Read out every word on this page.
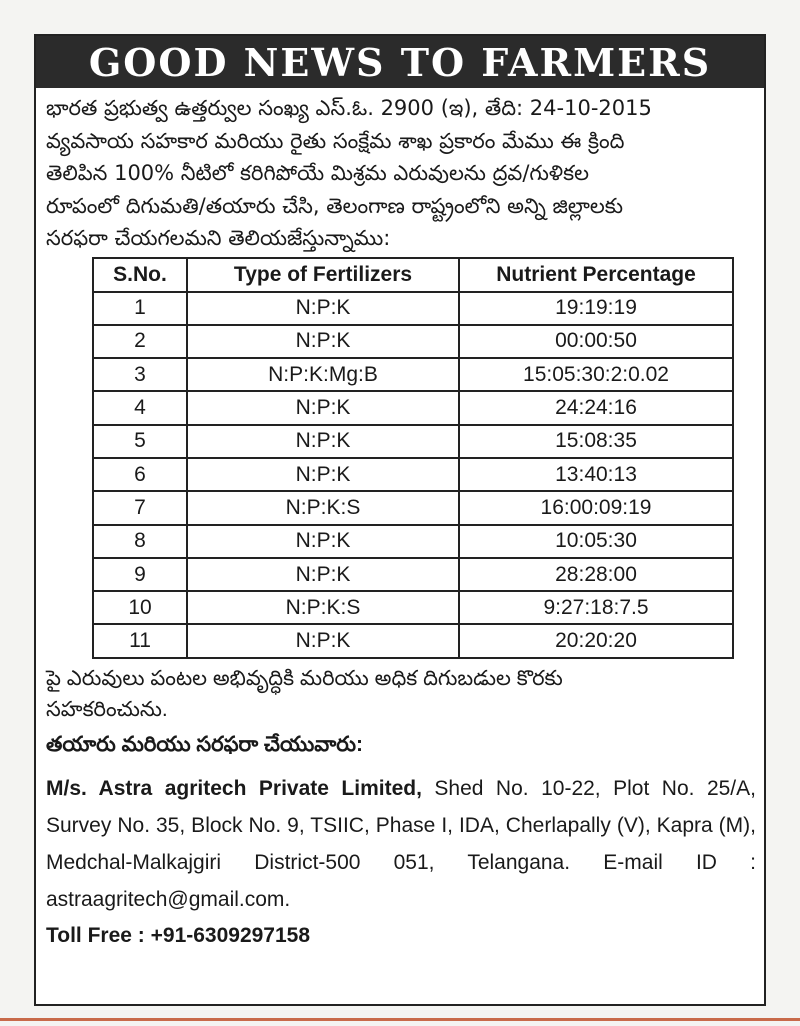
GOOD NEWS TO FARMERS
భారత ప్రభుత్వ ఉత్తర్వుల సంఖ్య ఎస్.ఓ. 2900 (ఇ), తేది: 24-10-2015
వ్యవసాయ సహకార మరియు రైతు సంక్షేమ శాఖ ప్రకారం మేము ఈ క్రింది
తెలిపిన 100% నీటిలో కరిగిపోయే మిశ్రమ ఎరువులను ద్రవ/గుళికల
రూపంలో దిగుమతి/తయారు చేసి, తెలంగాణ రాష్ట్రంలోని అన్ని జిల్లాలకు
సరఫరా చేయగలమని తెలియజేస్తున్నాము:
S.No.	Type of Fertilizers	Nutrient Percentage
1	N:P:K	19:19:19
2	N:P:K	00:00:50
3	N:P:K:Mg:B	15:05:30:2:0.02
4	N:P:K	24:24:16
5	N:P:K	15:08:35
6	N:P:K	13:40:13
7	N:P:K:S	16:00:09:19
8	N:P:K	10:05:30
9	N:P:K	28:28:00
10	N:P:K:S	9:27:18:7.5
11	N:P:K	20:20:20
పై ఎరువులు పంటల అభివృద్ధికి మరియు అధిక దిగుబడుల కొరకు
సహకరించును.
తయారు మరియు సరఫరా చేయువారు:
M/s. Astra agritech Private Limited, Shed No. 10-22, Plot No. 25/A, Survey No. 35, Block No. 9, TSIIC, Phase I, IDA, Cherlapally (V), Kapra (M), Medchal-Malkajgiri District-500 051, Telangana. E-mail ID : astraagritech@gmail.com.
Toll Free : +91-6309297158
